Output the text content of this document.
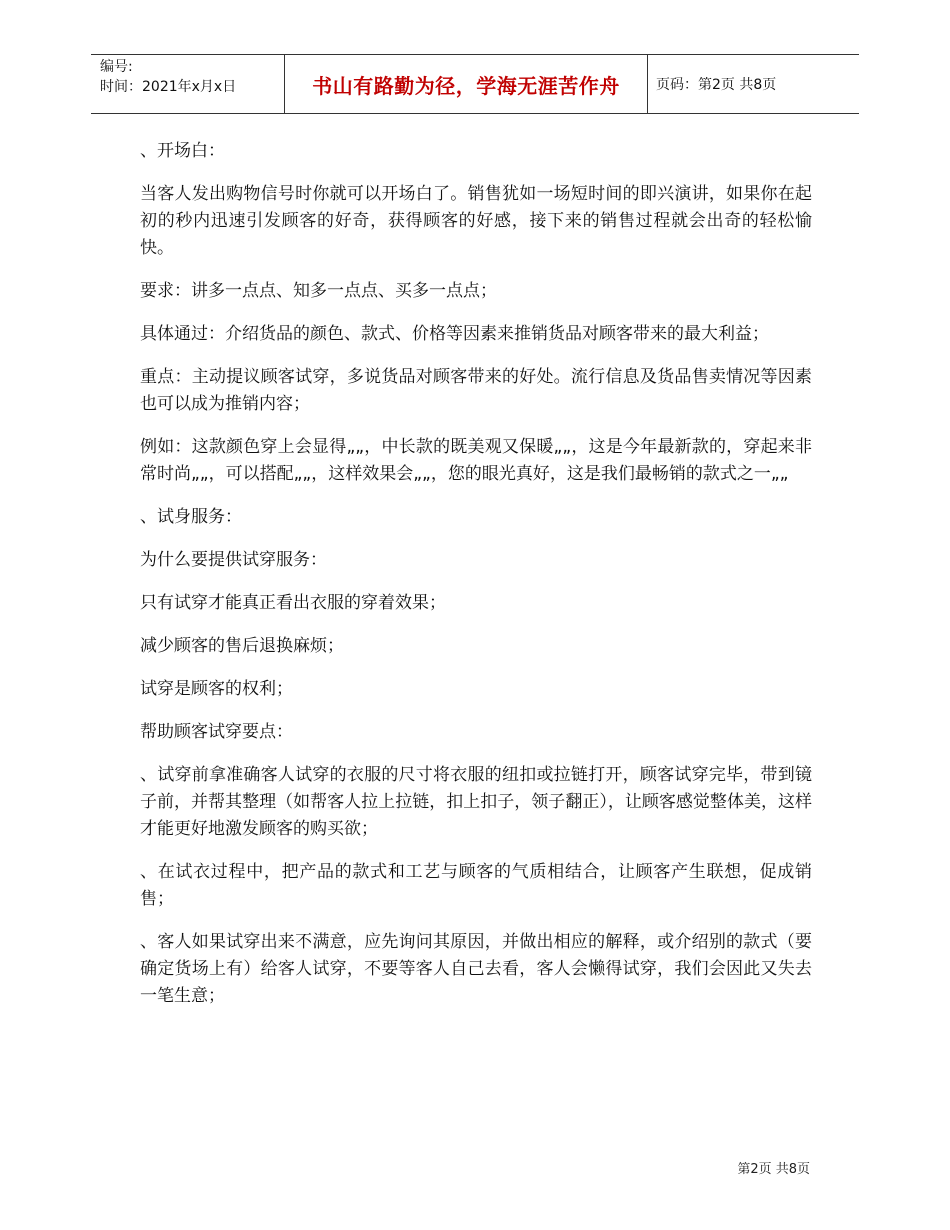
编号:
时间：2021年x月x日	书山有路勤为径，学海无涯苦作舟	页码：第2页 共8页

、开场白：

当客人发出购物信号时你就可以开场白了。销售犹如一场短时间的即兴演讲，如果你在起初的秒内迅速引发顾客的好奇，获得顾客的好感，接下来的销售过程就会出奇的轻松愉快。

要求：讲多一点点、知多一点点、买多一点点；

具体通过：介绍货品的颜色、款式、价格等因素来推销货品对顾客带来的最大利益；

重点：主动提议顾客试穿，多说货品对顾客带来的好处。流行信息及货品售卖情况等因素也可以成为推销内容；

例如：这款颜色穿上会显得„„，中长款的既美观又保暖„„，这是今年最新款的，穿起来非常时尚„„，可以搭配„„，这样效果会„„，您的眼光真好，这是我们最畅销的款式之一„„

、试身服务：

为什么要提供试穿服务：

只有试穿才能真正看出衣服的穿着效果；

减少顾客的售后退换麻烦；

试穿是顾客的权利；

帮助顾客试穿要点：

、试穿前拿准确客人试穿的衣服的尺寸将衣服的纽扣或拉链打开，顾客试穿完毕，带到镜子前，并帮其整理（如帮客人拉上拉链，扣上扣子，领子翻正），让顾客感觉整体美，这样才能更好地激发顾客的购买欲；

、在试衣过程中，把产品的款式和工艺与顾客的气质相结合，让顾客产生联想，促成销售；

、客人如果试穿出来不满意，应先询问其原因，并做出相应的解释，或介绍别的款式（要确定货场上有）给客人试穿，不要等客人自己去看，客人会懒得试穿，我们会因此又失去一笔生意；

第2页 共8页
